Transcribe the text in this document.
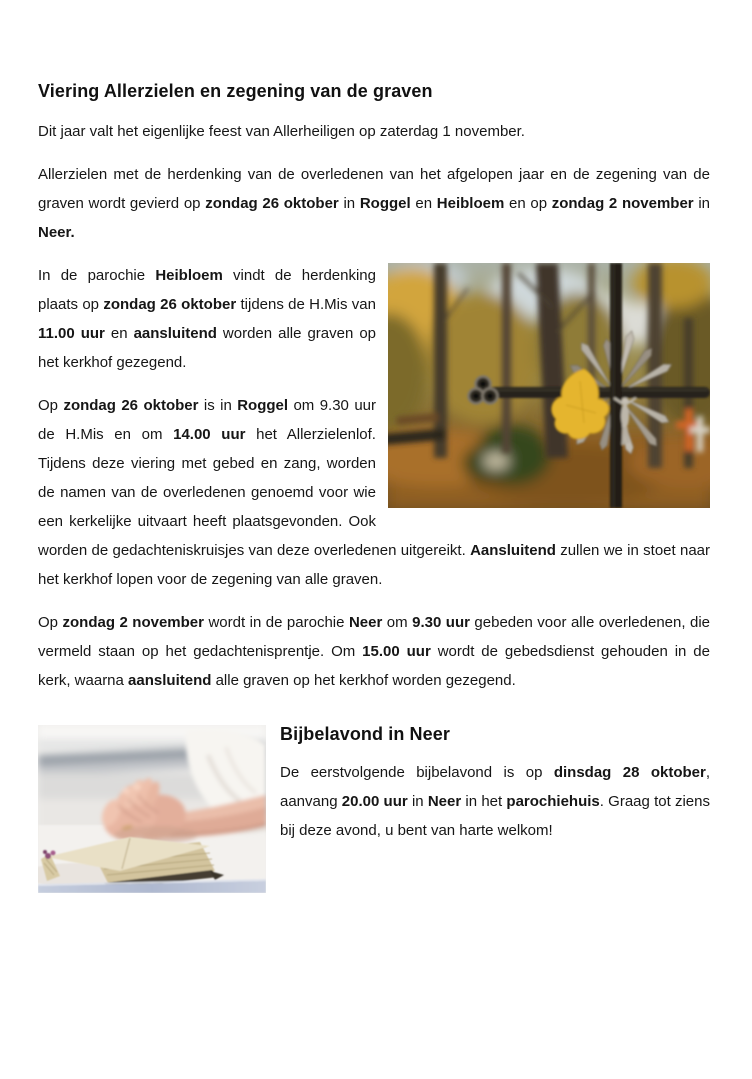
Viering Allerzielen en zegening van de graven

Dit jaar valt het eigenlijke feest van Allerheiligen op zaterdag 1 november.

Allerzielen met de herdenking van de overledenen van het afgelopen jaar en de zegening van de graven wordt gevierd op zondag 26 oktober in Roggel en Heibloem en op zondag 2 november in Neer.

In de parochie Heibloem vindt de herdenking plaats op zondag 26 oktober tijdens de H.Mis van 11.00 uur en aansluitend worden alle graven op het kerkhof gezegend.

Op zondag 26 oktober is in Roggel om 9.30 uur de H.Mis en om 14.00 uur het Allerzielenlof. Tijdens deze viering met gebed en zang, worden de namen van de overledenen genoemd voor wie een kerkelijke uitvaart heeft plaatsgevonden. Ook worden de gedachteniskruisjes van deze overledenen uitgereikt. Aansluitend zullen we in stoet naar het kerkhof lopen voor de zegening van alle graven.

Op zondag 2 november wordt in de parochie Neer om 9.30 uur gebeden voor alle overledenen, die vermeld staan op het gedachtenisprentje. Om 15.00 uur wordt de gebedsdienst gehouden in de kerk, waarna aansluitend alle graven op het kerkhof worden gezegend.

Bijbelavond in Neer

De eerstvolgende bijbelavond is op dinsdag 28 oktober, aanvang 20.00 uur in Neer in het parochiehuis. Graag tot ziens bij deze avond, u bent van harte welkom!
